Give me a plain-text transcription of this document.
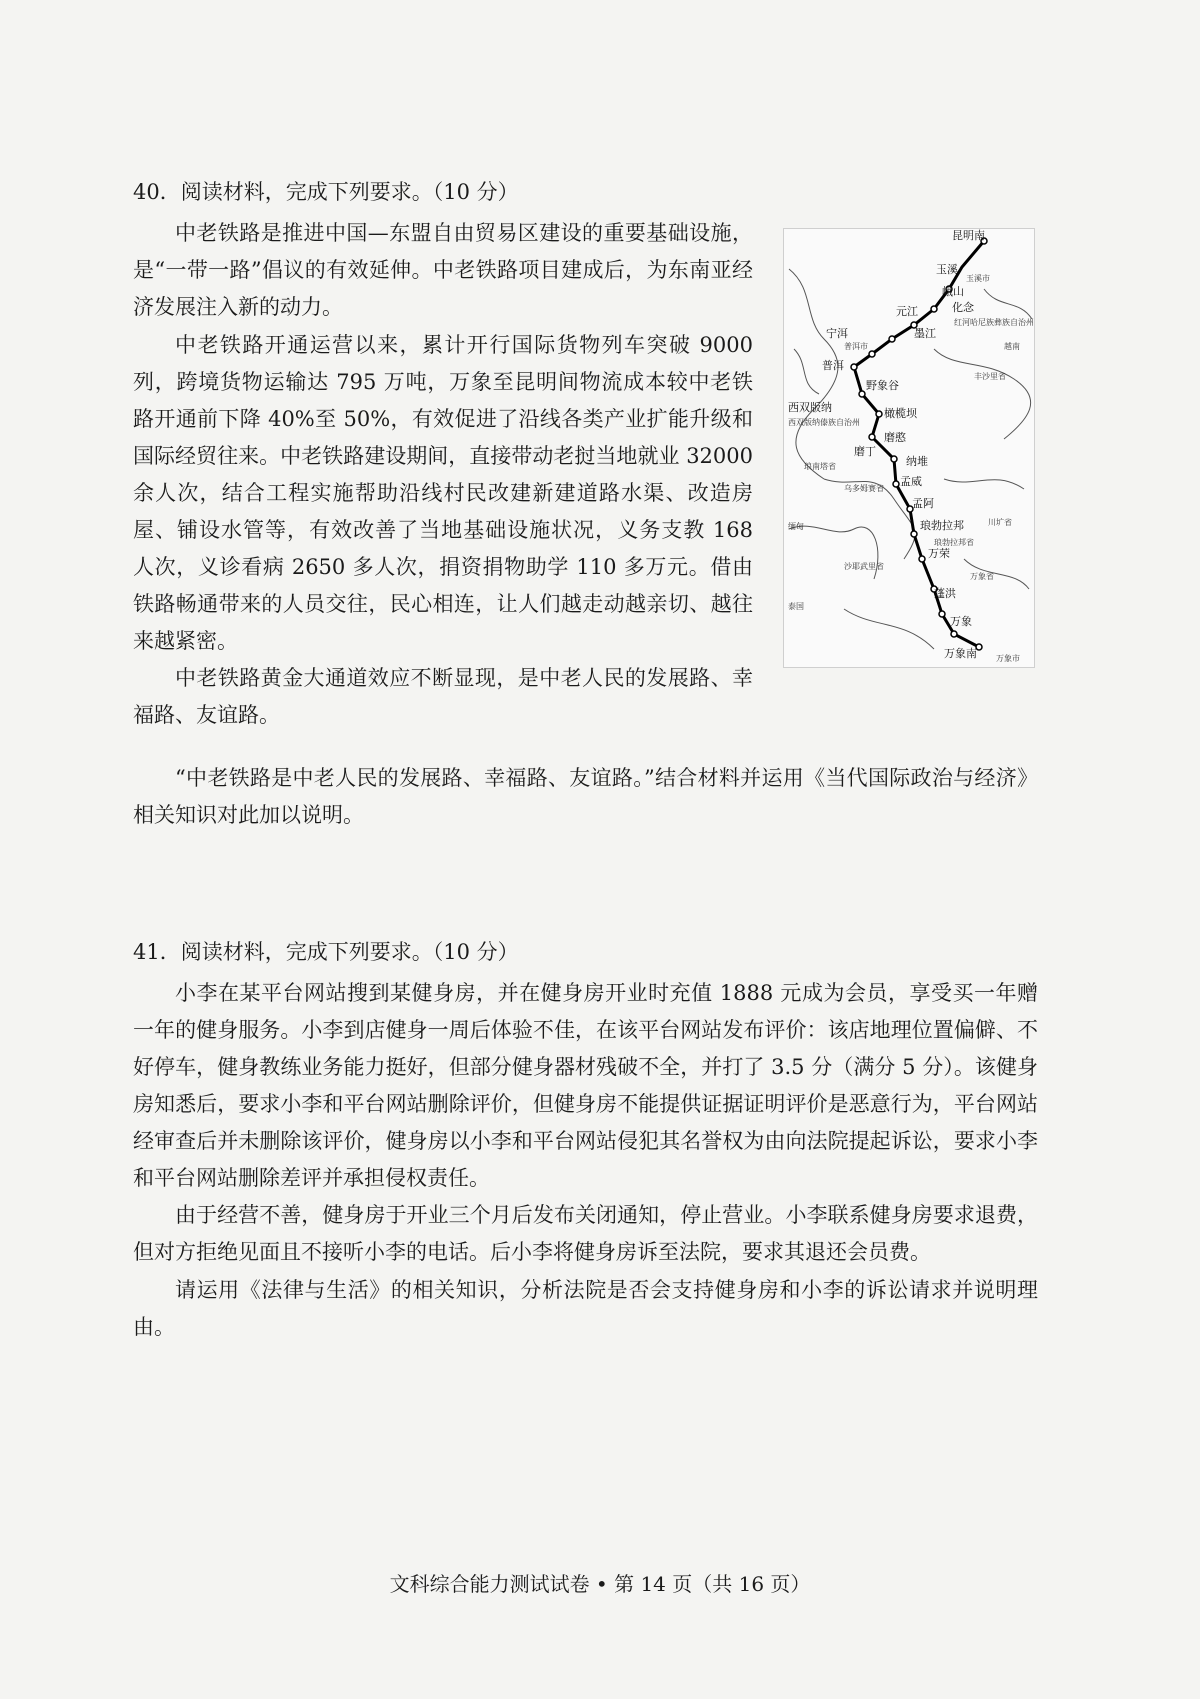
40．阅读材料，完成下列要求。（10 分）

中老铁路是推进中国—东盟自由贸易区建设的重要基础设施，是“一带一路”倡议的有效延伸。中老铁路项目建成后，为东南亚经济发展注入新的动力。

中老铁路开通运营以来，累计开行国际货物列车突破 9000 列，跨境货物运输达 795 万吨，万象至昆明间物流成本较中老铁路开通前下降 40%至 50%，有效促进了沿线各类产业扩能升级和国际经贸往来。中老铁路建设期间，直接带动老挝当地就业 32000 余人次，结合工程实施帮助沿线村民改建新建道路水渠、改造房屋、铺设水管等，有效改善了当地基础设施状况，义务支教 168 人次，义诊看病 2650 多人次，捐资捐物助学 110 多万元。借由铁路畅通带来的人员交往，民心相连，让人们越走动越亲切、越往来越紧密。

中老铁路黄金大通道效应不断显现，是中老人民的发展路、幸福路、友谊路。

昆明南
玉溪
峨山
化念
元江
墨江
宁洱
普洱
野象谷
西双版纳	橄榄坝
磨憨
磨丁
纳堆
孟威
孟阿
琅勃拉邦
万荣
蓬洪
万象
万象南
玉溪市
红河哈尼族彝族自治州
普洱市
西双版纳傣族自治州
琅南塔省
乌多姆赛省
琅勃拉邦省
万象省
丰沙里省
川圹省
沙耶武里省
缅甸
泰国
越南
万象市

“中老铁路是中老人民的发展路、幸福路、友谊路。”结合材料并运用《当代国际政治与经济》相关知识对此加以说明。

41．阅读材料，完成下列要求。（10 分）

小李在某平台网站搜到某健身房，并在健身房开业时充值 1888 元成为会员，享受买一年赠一年的健身服务。小李到店健身一周后体验不佳，在该平台网站发布评价：该店地理位置偏僻、不好停车，健身教练业务能力挺好，但部分健身器材残破不全，并打了 3.5 分（满分 5 分）。该健身房知悉后，要求小李和平台网站删除评价，但健身房不能提供证据证明评价是恶意行为，平台网站经审查后并未删除该评价，健身房以小李和平台网站侵犯其名誉权为由向法院提起诉讼，要求小李和平台网站删除差评并承担侵权责任。

由于经营不善，健身房于开业三个月后发布关闭通知，停止营业。小李联系健身房要求退费，但对方拒绝见面且不接听小李的电话。后小李将健身房诉至法院，要求其退还会员费。

请运用《法律与生活》的相关知识，分析法院是否会支持健身房和小李的诉讼请求并说明理由。

文科综合能力测试试卷 • 第 14 页（共 16 页）
